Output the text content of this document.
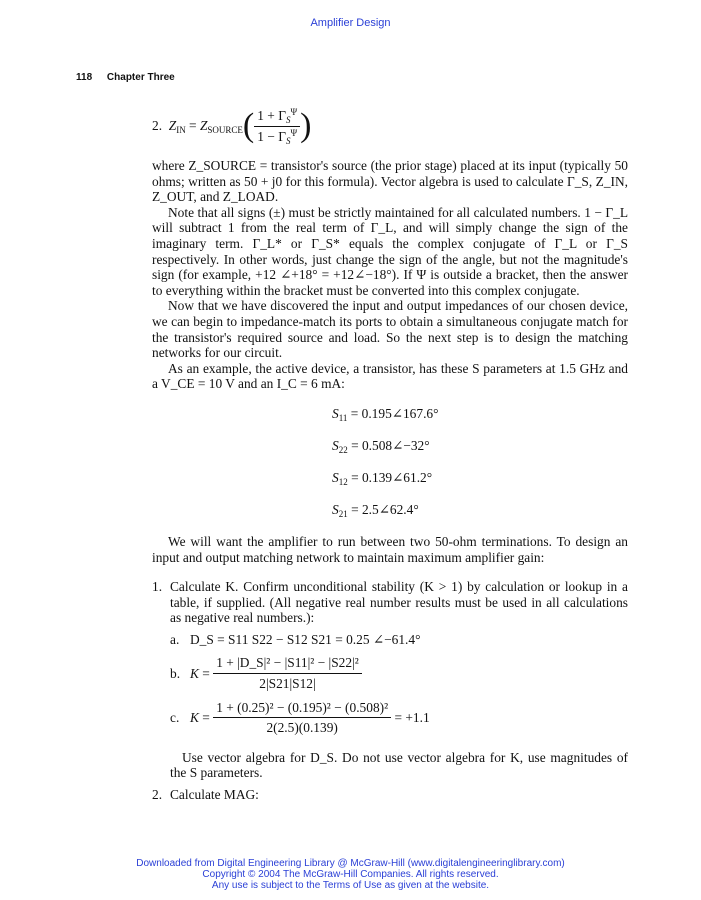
Amplifier Design
118 Chapter Three
2.
$Z_{IN} = Z_{SOURCE}$ ( $\frac{1 + \Gamma_S^\Psi}{1 - \Gamma_S^\Psi}$ )

where Z_SOURCE = transistor's source (the prior stage) placed at its input (typically 50 ohms; written as 50 + j0 for this formula). Vector algebra is used to calculate Γ_S, Z_IN, Z_OUT, and Z_LOAD.

Note that all signs (±) must be strictly maintained for all calculated numbers. 1 − Γ_L will subtract 1 from the real term of Γ_L, and will simply change the sign of the imaginary term. Γ_L* or Γ_S* equals the complex conjugate of Γ_L or Γ_S respectively. In other words, just change the sign of the angle, but not the magnitude's sign (for example, +12 ∠+18° = +12∠−18°). If Ψ is outside a bracket, then the answer to everything within the bracket must be converted into this complex conjugate.

Now that we have discovered the input and output impedances of our chosen device, we can begin to impedance-match its ports to obtain a simultaneous conjugate match for the transistor's required source and load. So the next step is to design the matching networks for our circuit.

As an example, the active device, a transistor, has these S parameters at 1.5 GHz and a V_CE = 10 V and an I_C = 6 mA:

$S_{11}$ = 0.195∠167.6°
$S_{22}$ = 0.508∠−32°
$S_{12}$ = 0.139∠61.2°
$S_{21}$ = 2.5∠62.4°

We will want the amplifier to run between two 50-ohm terminations. To design an input and output matching network to maintain maximum amplifier gain:

1. Calculate K. Confirm unconditional stability (K > 1) by calculation or lookup in a table, if supplied. (All negative real number results must be used in all calculations as negative real numbers.):
a. D_S = S11 S22 − S12 S21 = 0.25 ∠−61.4°
b. $K = \frac{\text{1 + |D\_S|² − |S11|² − |S22|²}}{2|S21|S12|}$
c. $K = \frac{\text{1 + (0.25)² − (0.195)² − (0.508)²}}{2(2.5)(0.139)} = +1.1$

Use vector algebra for D_S. Do not use vector algebra for K, use magnitudes of the S parameters.

2. Calculate MAG:
Downloaded from Digital Engineering Library @ McGraw-Hill (www.digitalengineeringlibrary.com)
Copyright © 2004 The McGraw-Hill Companies. All rights reserved.
Any use is subject to the Terms of Use as given at the website.
